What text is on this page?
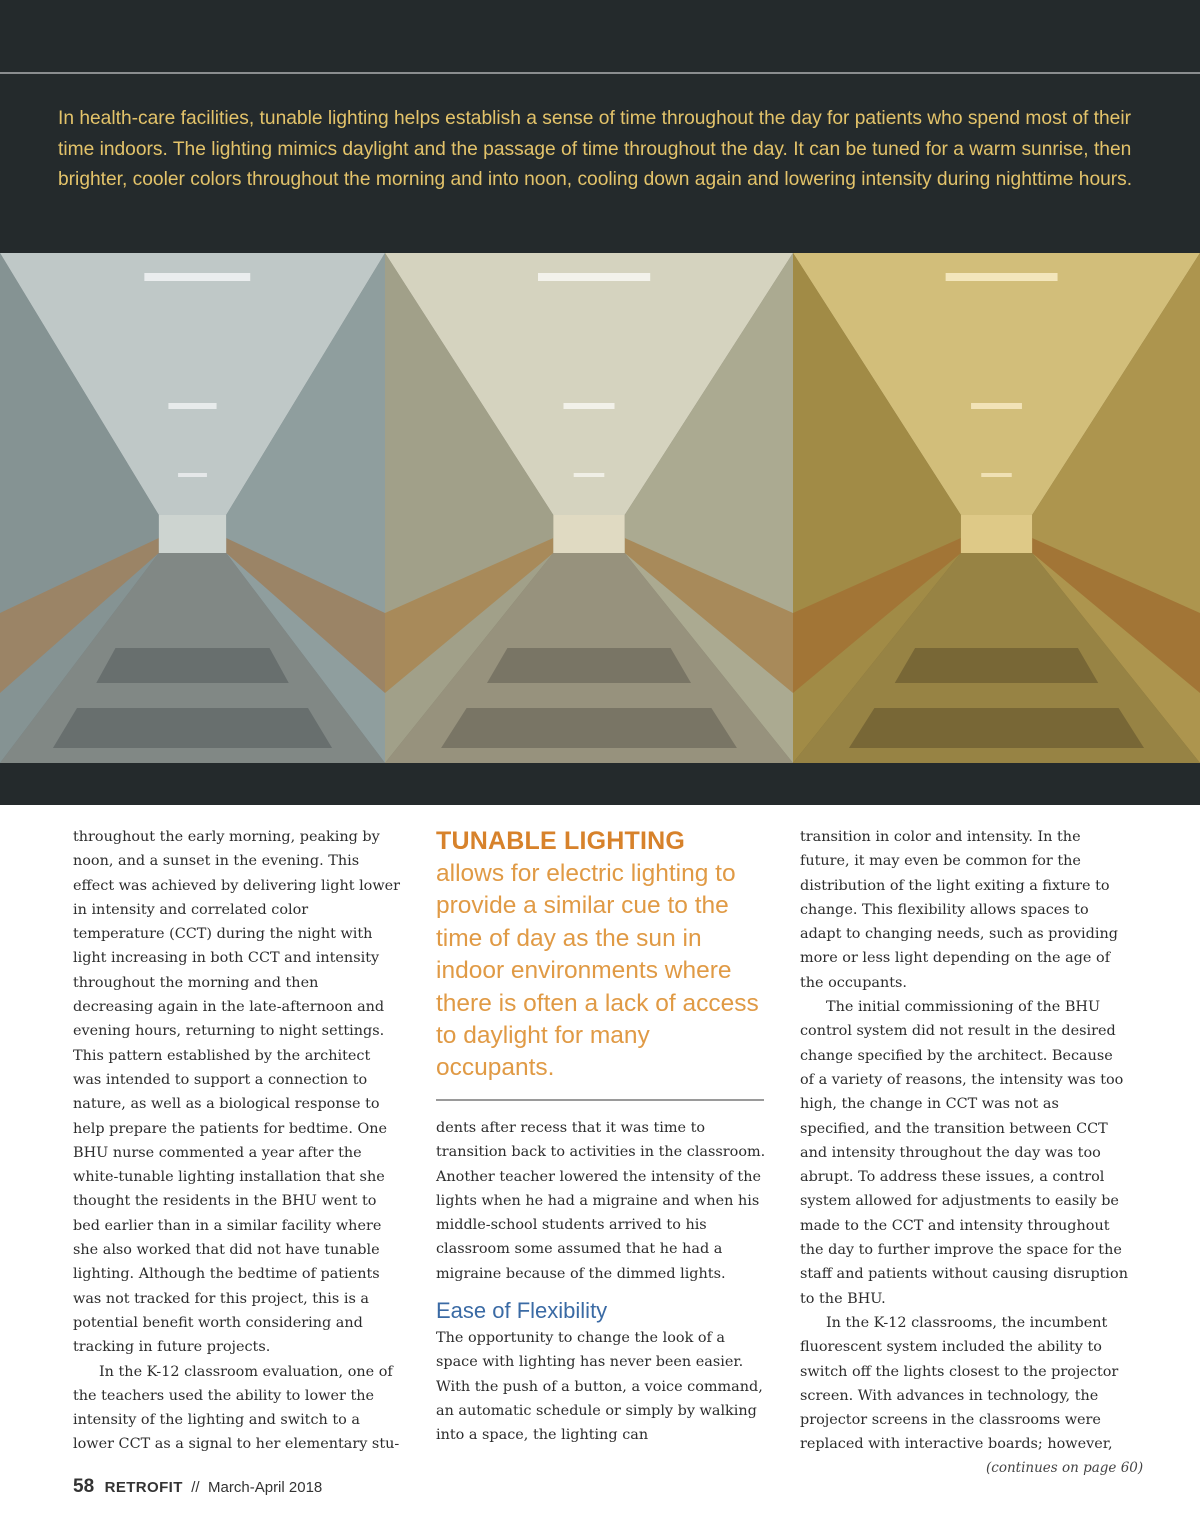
In health-care facilities, tunable lighting helps establish a sense of time throughout the day for patients who spend most of their time indoors. The lighting mimics daylight and the passage of time throughout the day. It can be tuned for a warm sunrise, then brighter, cooler colors throughout the morning and into noon, cooling down again and lowering intensity during nighttime hours.

throughout the early morning, peaking by noon, and a sunset in the evening. This effect was achieved by delivering light lower in intensity and correlated color temperature (CCT) during the night with light increasing in both CCT and intensity throughout the morning and then decreasing again in the late-afternoon and evening hours, returning to night settings. This pattern established by the architect was intended to support a connection to nature, as well as a biological response to help prepare the patients for bedtime. One BHU nurse commented a year after the white-tunable lighting installation that she thought the residents in the BHU went to bed earlier than in a similar facility where she also worked that did not have tunable lighting. Although the bedtime of patients was not tracked for this project, this is a potential benefit worth considering and tracking in future projects.

In the K-12 classroom evaluation, one of the teachers used the ability to lower the intensity of the lighting and switch to a lower CCT as a signal to her elementary stu-

TUNABLE LIGHTING
allows for electric lighting to provide a similar cue to the time of day as the sun in indoor environments where there is often a lack of access to daylight for many occupants.

dents after recess that it was time to transition back to activities in the classroom. Another teacher lowered the intensity of the lights when he had a migraine and when his middle-school students arrived to his classroom some assumed that he had a migraine because of the dimmed lights.

Ease of Flexibility

The opportunity to change the look of a space with lighting has never been easier. With the push of a button, a voice command, an automatic schedule or simply by walking into a space, the lighting can

transition in color and intensity. In the future, it may even be common for the distribution of the light exiting a fixture to change. This flexibility allows spaces to adapt to changing needs, such as providing more or less light depending on the age of the occupants.

The initial commissioning of the BHU control system did not result in the desired change specified by the architect. Because of a variety of reasons, the intensity was too high, the change in CCT was not as specified, and the transition between CCT and intensity throughout the day was too abrupt. To address these issues, a control system allowed for adjustments to easily be made to the CCT and intensity throughout the day to further improve the space for the staff and patients without causing disruption to the BHU.

In the K-12 classrooms, the incumbent fluorescent system included the ability to switch off the lights closest to the projector screen. With advances in technology, the projector screens in the classrooms were replaced with interactive boards; however,

(continues on page 60)
58 RETROFIT // March-April 2018
